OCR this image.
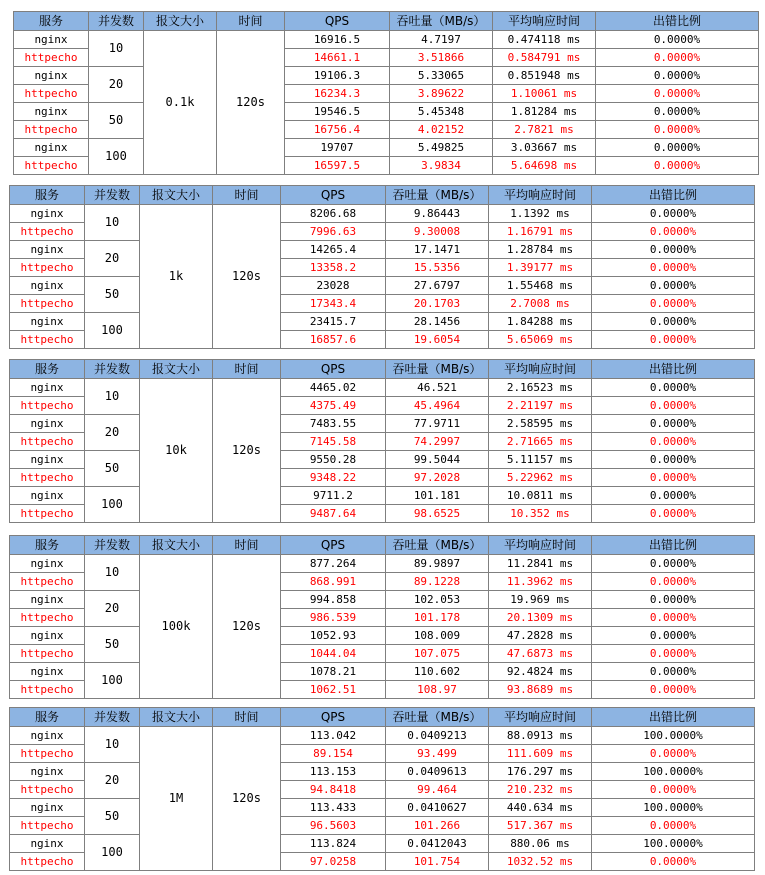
服务	并发数	报文大小	时间	QPS	吞吐量（MB/s）	平均响应时间	出错比例
nginx	10	0.1k	120s	16916.5	4.7197	0.474118 ms	0.0000%
httpecho				14661.1	3.51866	0.584791 ms	0.0000%
nginx	20			19106.3	5.33065	0.851948 ms	0.0000%
httpecho				16234.3	3.89622	1.10061 ms	0.0000%
nginx	50			19546.5	5.45348	1.81284 ms	0.0000%
httpecho				16756.4	4.02152	2.7821 ms	0.0000%
nginx	100			19707	5.49825	3.03667 ms	0.0000%
httpecho				16597.5	3.9834	5.64698 ms	0.0000%
服务	并发数	报文大小	时间	QPS	吞吐量（MB/s）	平均响应时间	出错比例
nginx	10	1k	120s	8206.68	9.86443	1.1392 ms	0.0000%
httpecho				7996.63	9.30008	1.16791 ms	0.0000%
nginx	20			14265.4	17.1471	1.28784 ms	0.0000%
httpecho				13358.2	15.5356	1.39177 ms	0.0000%
nginx	50			23028	27.6797	1.55468 ms	0.0000%
httpecho				17343.4	20.1703	2.7008 ms	0.0000%
nginx	100			23415.7	28.1456	1.84288 ms	0.0000%
httpecho				16857.6	19.6054	5.65069 ms	0.0000%
服务	并发数	报文大小	时间	QPS	吞吐量（MB/s）	平均响应时间	出错比例
nginx	10	10k	120s	4465.02	46.521	2.16523 ms	0.0000%
httpecho				4375.49	45.4964	2.21197 ms	0.0000%
nginx	20			7483.55	77.9711	2.58595 ms	0.0000%
httpecho				7145.58	74.2997	2.71665 ms	0.0000%
nginx	50			9550.28	99.5044	5.11157 ms	0.0000%
httpecho				9348.22	97.2028	5.22962 ms	0.0000%
nginx	100			9711.2	101.181	10.0811 ms	0.0000%
httpecho				9487.64	98.6525	10.352 ms	0.0000%
服务	并发数	报文大小	时间	QPS	吞吐量（MB/s）	平均响应时间	出错比例
nginx	10	100k	120s	877.264	89.9897	11.2841 ms	0.0000%
httpecho				868.991	89.1228	11.3962 ms	0.0000%
nginx	20			994.858	102.053	19.969 ms	0.0000%
httpecho				986.539	101.178	20.1309 ms	0.0000%
nginx	50			1052.93	108.009	47.2828 ms	0.0000%
httpecho				1044.04	107.075	47.6873 ms	0.0000%
nginx	100			1078.21	110.602	92.4824 ms	0.0000%
httpecho				1062.51	108.97	93.8689 ms	0.0000%
服务	并发数	报文大小	时间	QPS	吞吐量（MB/s）	平均响应时间	出错比例
nginx	10	1M	120s	113.042	0.0409213	88.0913 ms	100.0000%
httpecho				89.154	93.499	111.609 ms	0.0000%
nginx	20			113.153	0.0409613	176.297 ms	100.0000%
httpecho				94.8418	99.464	210.232 ms	0.0000%
nginx	50			113.433	0.0410627	440.634 ms	100.0000%
httpecho				96.5603	101.266	517.367 ms	0.0000%
nginx	100			113.824	0.0412043	880.06 ms	100.0000%
httpecho				97.0258	101.754	1032.52 ms	0.0000%
